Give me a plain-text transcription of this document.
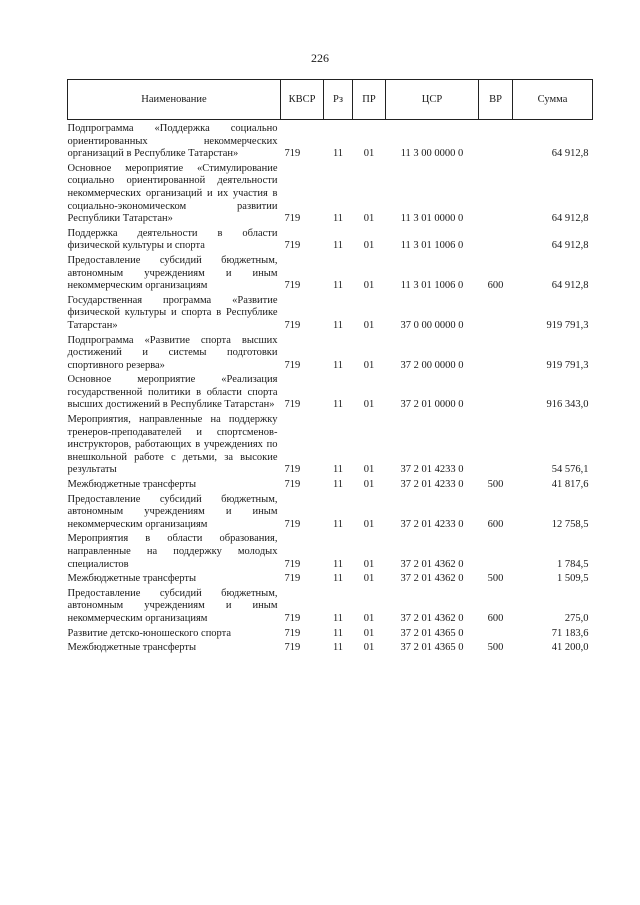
226
Наименование	КВСР	Рз	ПР	ЦСР	ВР	Сумма
Подпрограмма «Поддержка социально ориентированных некоммерческих организаций в Республике Татарстан»	719	11	01	11 3 00 0000 0		64 912,8
Основное мероприятие «Стимулирование социально ориентированной деятельности некоммерческих организаций и их участия в социально-экономическом развитии Республики Татарстан»	719	11	01	11 3 01 0000 0		64 912,8
Поддержка деятельности в области физической культуры и спорта	719	11	01	11 3 01 1006 0		64 912,8
Предоставление субсидий бюджетным, автономным учреждениям и иным некоммерческим организациям	719	11	01	11 3 01 1006 0	600	64 912,8
Государственная программа «Развитие физической культуры и спорта в Республике Татарстан»	719	11	01	37 0 00 0000 0		919 791,3
Подпрограмма «Развитие спорта высших достижений и системы подготовки спортивного резерва»	719	11	01	37 2 00 0000 0		919 791,3
Основное мероприятие «Реализация государственной политики в области спорта высших достижений в Республике Татарстан»	719	11	01	37 2 01 0000 0		916 343,0
Мероприятия, направленные на поддержку тренеров-преподавателей и спортсменов-инструкторов, работающих в учреждениях по внешкольной работе с детьми, за высокие результаты	719	11	01	37 2 01 4233 0		54 576,1
Межбюджетные трансферты	719	11	01	37 2 01 4233 0	500	41 817,6
Предоставление субсидий бюджетным, автономным учреждениям и иным некоммерческим организациям	719	11	01	37 2 01 4233 0	600	12 758,5
Мероприятия в области образования, направленные на поддержку молодых специалистов	719	11	01	37 2 01 4362 0		1 784,5
Межбюджетные трансферты	719	11	01	37 2 01 4362 0	500	1 509,5
Предоставление субсидий бюджетным, автономным учреждениям и иным некоммерческим организациям	719	11	01	37 2 01 4362 0	600	275,0
Развитие детско-юношеского спорта	719	11	01	37 2 01 4365 0		71 183,6
Межбюджетные трансферты	719	11	01	37 2 01 4365 0	500	41 200,0
